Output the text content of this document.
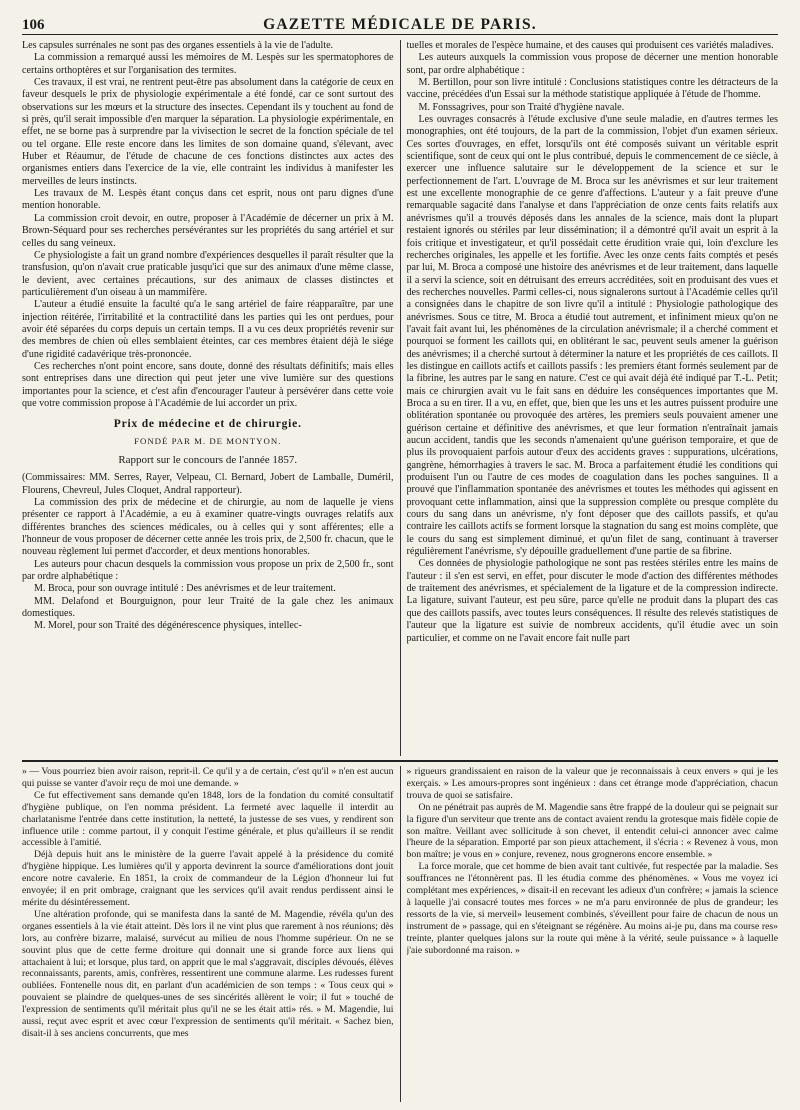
106	GAZETTE MÉDICALE DE PARIS.

Les capsules surrénales ne sont pas des organes essentiels à la vie de l'adulte.

La commission a remarqué aussi les mémoires de M. Lespès sur les spermatophores de certains orthoptères et sur l'organisation des termites.

Ces travaux, il est vrai, ne rentrent peut-être pas absolument dans la catégorie de ceux en faveur desquels le prix de physiologie expérimentale a été fondé, car ce sont surtout des observations sur les mœurs et la structure des insectes. Cependant ils y touchent au fond de si près, qu'il serait impossible d'en marquer la séparation. La physiologie expérimentale, en effet, ne se borne pas à surprendre par la vivisection le secret de la fonction spéciale de tel ou tel organe. Elle reste encore dans les limites de son domaine quand, s'élevant, avec Huber et Réaumur, de l'étude de chacune de ces fonctions distinctes aux actes des organismes entiers dans l'exercice de la vie, elle contraint les individus à manifester les merveilles de leurs instincts.

Les travaux de M. Lespès étant conçus dans cet esprit, nous ont paru dignes d'une mention honorable.

La commission croit devoir, en outre, proposer à l'Académie de décerner un prix à M. Brown-Séquard pour ses recherches persévérantes sur les propriétés du sang artériel et sur celles du sang veineux.

Ce physiologiste a fait un grand nombre d'expériences desquelles il paraît résulter que la transfusion, qu'on n'avait crue praticable jusqu'ici que sur des animaux d'une même classe, le devient, avec certaines précautions, sur des animaux de classes distinctes et particulièrement d'un oiseau à un mammifère.

L'auteur a étudié ensuite la faculté qu'a le sang artériel de faire réapparaître, par une injection réitérée, l'irritabilité et la contractilité dans les parties qui les ont perdues, pour avoir été séparées du corps depuis un certain temps. Il a vu ces deux propriétés revenir sur des membres de chien où elles semblaient éteintes, car ces membres étaient déjà le siége d'une rigidité cadavérique très-prononcée.

Ces recherches n'ont point encore, sans doute, donné des résultats définitifs; mais elles sont entreprises dans une direction qui peut jeter une vive lumière sur des questions importantes pour la science, et c'est afin d'encourager l'auteur à persévérer dans cette voie que votre commission propose à l'Académie de lui accorder un prix.

Prix de médecine et de chirurgie.
FONDÉ PAR M. DE MONTYON.
Rapport sur le concours de l'année 1857.

(Commissaires: MM. Serres, Rayer, Velpeau, Cl. Bernard, Jobert de Lamballe, Duméril, Flourens, Chevreul, Jules Cloquet, Andral rapporteur).

La commission des prix de médecine et de chirurgie, au nom de laquelle je viens présenter ce rapport à l'Académie, a eu à examiner quatre-vingts ouvrages relatifs aux différentes branches des sciences médicales, ou à celles qui y sont afférentes; elle a l'honneur de vous proposer de décerner cette année les trois prix, de 2,500 fr. chacun, que le nouveau règlement lui permet d'accorder, et deux mentions honorables.

Les auteurs pour chacun desquels la commission vous propose un prix de 2,500 fr., sont par ordre alphabétique :

M. Broca, pour son ouvrage intitulé : Des anévrismes et de leur traitement.

MM. Delafond et Bourguignon, pour leur Traité de la gale chez les animaux domestiques.

M. Morel, pour son Traité des dégénérescence physiques, intellec-

tuelles et morales de l'espèce humaine, et des causes qui produisent ces variétés maladives.

Les auteurs auxquels la commission vous propose de décerner une mention honorable sont, par ordre alphabétique :

M. Bertillon, pour son livre intitulé : Conclusions statistiques contre les détracteurs de la vaccine, précédées d'un Essai sur la méthode statistique appliquée à l'étude de l'homme.

M. Fonssagrives, pour son Traité d'hygiène navale.

Les ouvrages consacrés à l'étude exclusive d'une seule maladie, en d'autres termes les monographies, ont été toujours, de la part de la commission, l'objet d'un examen sérieux. Ces sortes d'ouvrages, en effet, lorsqu'ils ont été composés suivant un véritable esprit scientifique, sont de ceux qui ont le plus contribué, depuis le commencement de ce siècle, à exercer une influence salutaire sur le développement de la science et sur le perfectionnement de l'art. L'ouvrage de M. Broca sur les anévrismes et sur leur traitement est une excellente monographie de ce genre d'affections. L'auteur y a fait preuve d'une remarquable sagacité dans l'analyse et dans l'appréciation de onze cents faits relatifs aux anévrismes qu'il a trouvés déposés dans les annales de la science, mais dont la plupart restaient ignorés ou stériles par leur dissémination; il a démontré qu'il avait un esprit à la fois critique et investigateur, et qu'il possédait cette érudition vraie qui, loin d'exclure les recherches originales, les appelle et les fortifie. Avec les onze cents faits comptés et pesés par lui, M. Broca a composé une histoire des anévrismes et de leur traitement, dans laquelle il a servi la science, soit en détruisant des erreurs accréditées, soit en produisant des vues et des recherches nouvelles. Parmi celles-ci, nous signalerons surtout à l'Académie celles qu'il a consignées dans le chapitre de son livre qu'il a intitulé : Physiologie pathologique des anévrismes. Sous ce titre, M. Broca a étudié tout autrement, et infiniment mieux qu'on ne l'avait fait avant lui, les phénomènes de la circulation anévrismale; il a cherché comment et pourquoi se forment les caillots qui, en oblitérant le sac, peuvent seuls amener la guérison des anévrismes; il a cherché surtout à déterminer la nature et les propriétés de ces caillots. Il les distingue en caillots actifs et caillots passifs : les premiers étant formés seulement par de la fibrine, les autres par le sang en nature. C'est ce qui avait déjà été indiqué par T.-L. Petit; mais ce chirurgien avait vu le fait sans en déduire les conséquences importantes que M. Broca a su en tirer. Il a vu, en effet, que, bien que les uns et les autres puissent produire une oblitération spontanée ou provoquée des artères, les premiers seuls pouvaient amener une guérison certaine et définitive des anévrismes, et que leur formation n'entraînait jamais aucun accident, tandis que les seconds n'amenaient qu'une guérison temporaire, et que de plus ils provoquaient parfois autour d'eux des accidents graves : suppurations, ulcérations, gangrène, hémorrhagies à travers le sac. M. Broca a parfaitement étudié les conditions qui produisent l'un ou l'autre de ces modes de coagulation dans les poches sanguines. Il a prouvé que l'inflammation spontanée des anévrismes et toutes les méthodes qui agissent en provoquant cette inflammation, ainsi que la suppression complète ou presque complète du cours du sang dans un anévrisme, n'y font déposer que des caillots passifs, et qu'au contraire les caillots actifs se forment lorsque la stagnation du sang est moins complète, que le cours du sang est simplement diminué, et qu'un filet de sang, continuant à traverser régulièrement l'anévrisme, s'y dépouille graduellement d'une partie de sa fibrine.

Ces données de physiologie pathologique ne sont pas restées stériles entre les mains de l'auteur : il s'en est servi, en effet, pour discuter le mode d'action des différentes méthodes de traitement des anévrismes, et spécialement de la ligature et de la compression indirecte. La ligature, suivant l'auteur, est peu sûre, parce qu'elle ne produit dans la plupart des cas que des caillots passifs, avec toutes leurs conséquences. Il résulte des relevés statistiques de l'auteur que la ligature est suivie de nombreux accidents, qu'il étudie avec un soin particulier, et comme on ne l'avait encore fait nulle part

» — Vous pourriez bien avoir raison, reprit-il. Ce qu'il y a de certain, c'est qu'il » n'en est aucun qui puisse se vanter d'avoir reçu de moi une demande. »

Ce fut effectivement sans demande qu'en 1848, lors de la fondation du comité consultatif d'hygiène publique, on l'en nomma président. La fermeté avec laquelle il interdit au charlatanisme l'entrée dans cette institution, la netteté, la justesse de ses vues, y rendirent son influence utile : comme partout, il y conquit l'estime générale, et plus qu'ailleurs il se rendit accessible à l'amitié.

Déjà depuis huit ans le ministère de la guerre l'avait appelé à la présidence du comité d'hygiène hippique. Les lumières qu'il y apporta devinrent la source d'améliorations dont jouit encore notre cavalerie. En 1851, la croix de commandeur de la Légion d'honneur lui fut envoyée; il en prit ombrage, craignant que les services qu'il avait rendus perdissent ainsi le mérite du désintéressement.

Une altération profonde, qui se manifesta dans la santé de M. Magendie, révéla qu'un des organes essentiels à la vie était atteint. Dès lors il ne vint plus que rarement à nos réunions; dès lors, au confrère bizarre, malaisé, survécut au milieu de nous l'homme supérieur. On ne se souvint plus que de cette ferme droiture qui donnait une si grande force aux liens qui attachaient à lui; et lorsque, plus tard, on apprit que le mal s'aggravait, disciples dévoués, élèves reconnaissants, parents, amis, confrères, ressentirent une commune alarme. Les rudesses furent oubliées. Fontenelle nous dit, en parlant d'un académicien de son temps : « Tous ceux qui » pouvaient se plaindre de quelques-unes de ses sincérités allèrent le voir; il fut » touché de l'expression de sentiments qu'il méritait plus qu'il ne se les était atti» rés. » M. Magendie, lui aussi, reçut avec esprit et avec cœur l'expression de sentiments qu'il méritait. « Sachez bien, disait-il à ses anciens concurrents, que mes

» rigueurs grandissaient en raison de la valeur que je reconnaissais à ceux envers » qui je les exerçais. » Les amours-propres sont ingénieux : dans cet étrange mode d'appréciation, chacun trouva de quoi se satisfaire.

On ne pénétrait pas auprès de M. Magendie sans être frappé de la douleur qui se peignait sur la figure d'un serviteur que trente ans de contact avaient rendu la grotesque mais fidèle copie de son maître. Veillant avec sollicitude à son chevet, il entendit celui-ci annoncer avec calme l'heure de la séparation. Emporté par son pieux attachement, il s'écria : « Revenez à vous, mon bon maître; je vous en » conjure, revenez, nous grognerons encore ensemble. »

La force morale, que cet homme de bien avait tant cultivée, fut respectée par la maladie. Ses souffrances ne l'étonnèrent pas. Il les étudia comme des phénomènes. « Vous me voyez ici complétant mes expériences, » disait-il en recevant les adieux d'un confrère; « jamais la science à laquelle j'ai consacré toutes mes forces » ne m'a paru environnée de plus de grandeur; les ressorts de la vie, si merveil» leusement combinés, s'éveillent pour faire de chacun de nous un instrument de » passage, qui en s'éteignant se régénère. Au moins ai-je pu, dans ma course res» treinte, planter quelques jalons sur la route qui mène à la vérité, seule puissance » à laquelle j'aie subordonné ma raison. »
